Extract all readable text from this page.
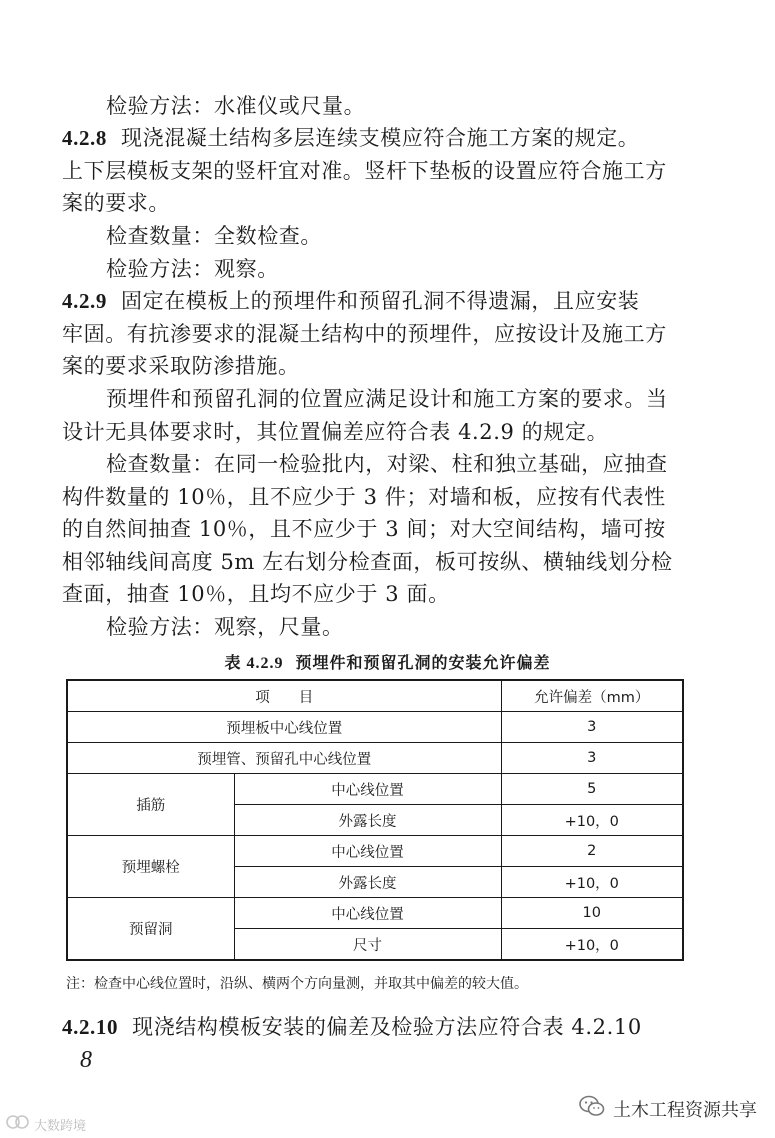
检验方法：水准仪或尺量。
4.2.8 现浇混凝土结构多层连续支模应符合施工方案的规定。
上下层模板支架的竖杆宜对准。竖杆下垫板的设置应符合施工方
案的要求。
检查数量：全数检查。
检验方法：观察。
4.2.9 固定在模板上的预埋件和预留孔洞不得遗漏，且应安装
牢固。有抗渗要求的混凝土结构中的预埋件，应按设计及施工方
案的要求采取防渗措施。
预埋件和预留孔洞的位置应满足设计和施工方案的要求。当
设计无具体要求时，其位置偏差应符合表 4.2.9 的规定。
检查数量：在同一检验批内，对梁、柱和独立基础，应抽查
构件数量的 10％，且不应少于 3 件；对墙和板，应按有代表性
的自然间抽查 10％，且不应少于 3 间；对大空间结构，墙可按
相邻轴线间高度 5m 左右划分检查面，板可按纵、横轴线划分检
查面，抽查 10％，且均不应少于 3 面。
检验方法：观察，尺量。
表 4.2.9 预埋件和预留孔洞的安装允许偏差
项　　目		允许偏差（mm）
预埋板中心线位置		3
预埋管、预留孔中心线位置		3
插筋	中心线位置	5
	外露长度	+10，0
预埋螺栓	中心线位置	2
	外露长度	+10，0
预留洞	中心线位置	10
	尺寸	+10，0
注：检查中心线位置时，沿纵、横两个方向量测，并取其中偏差的较大值。
4.2.10 现浇结构模板安装的偏差及检验方法应符合表 4.2.10
8
土木工程资源共享
大数跨境
